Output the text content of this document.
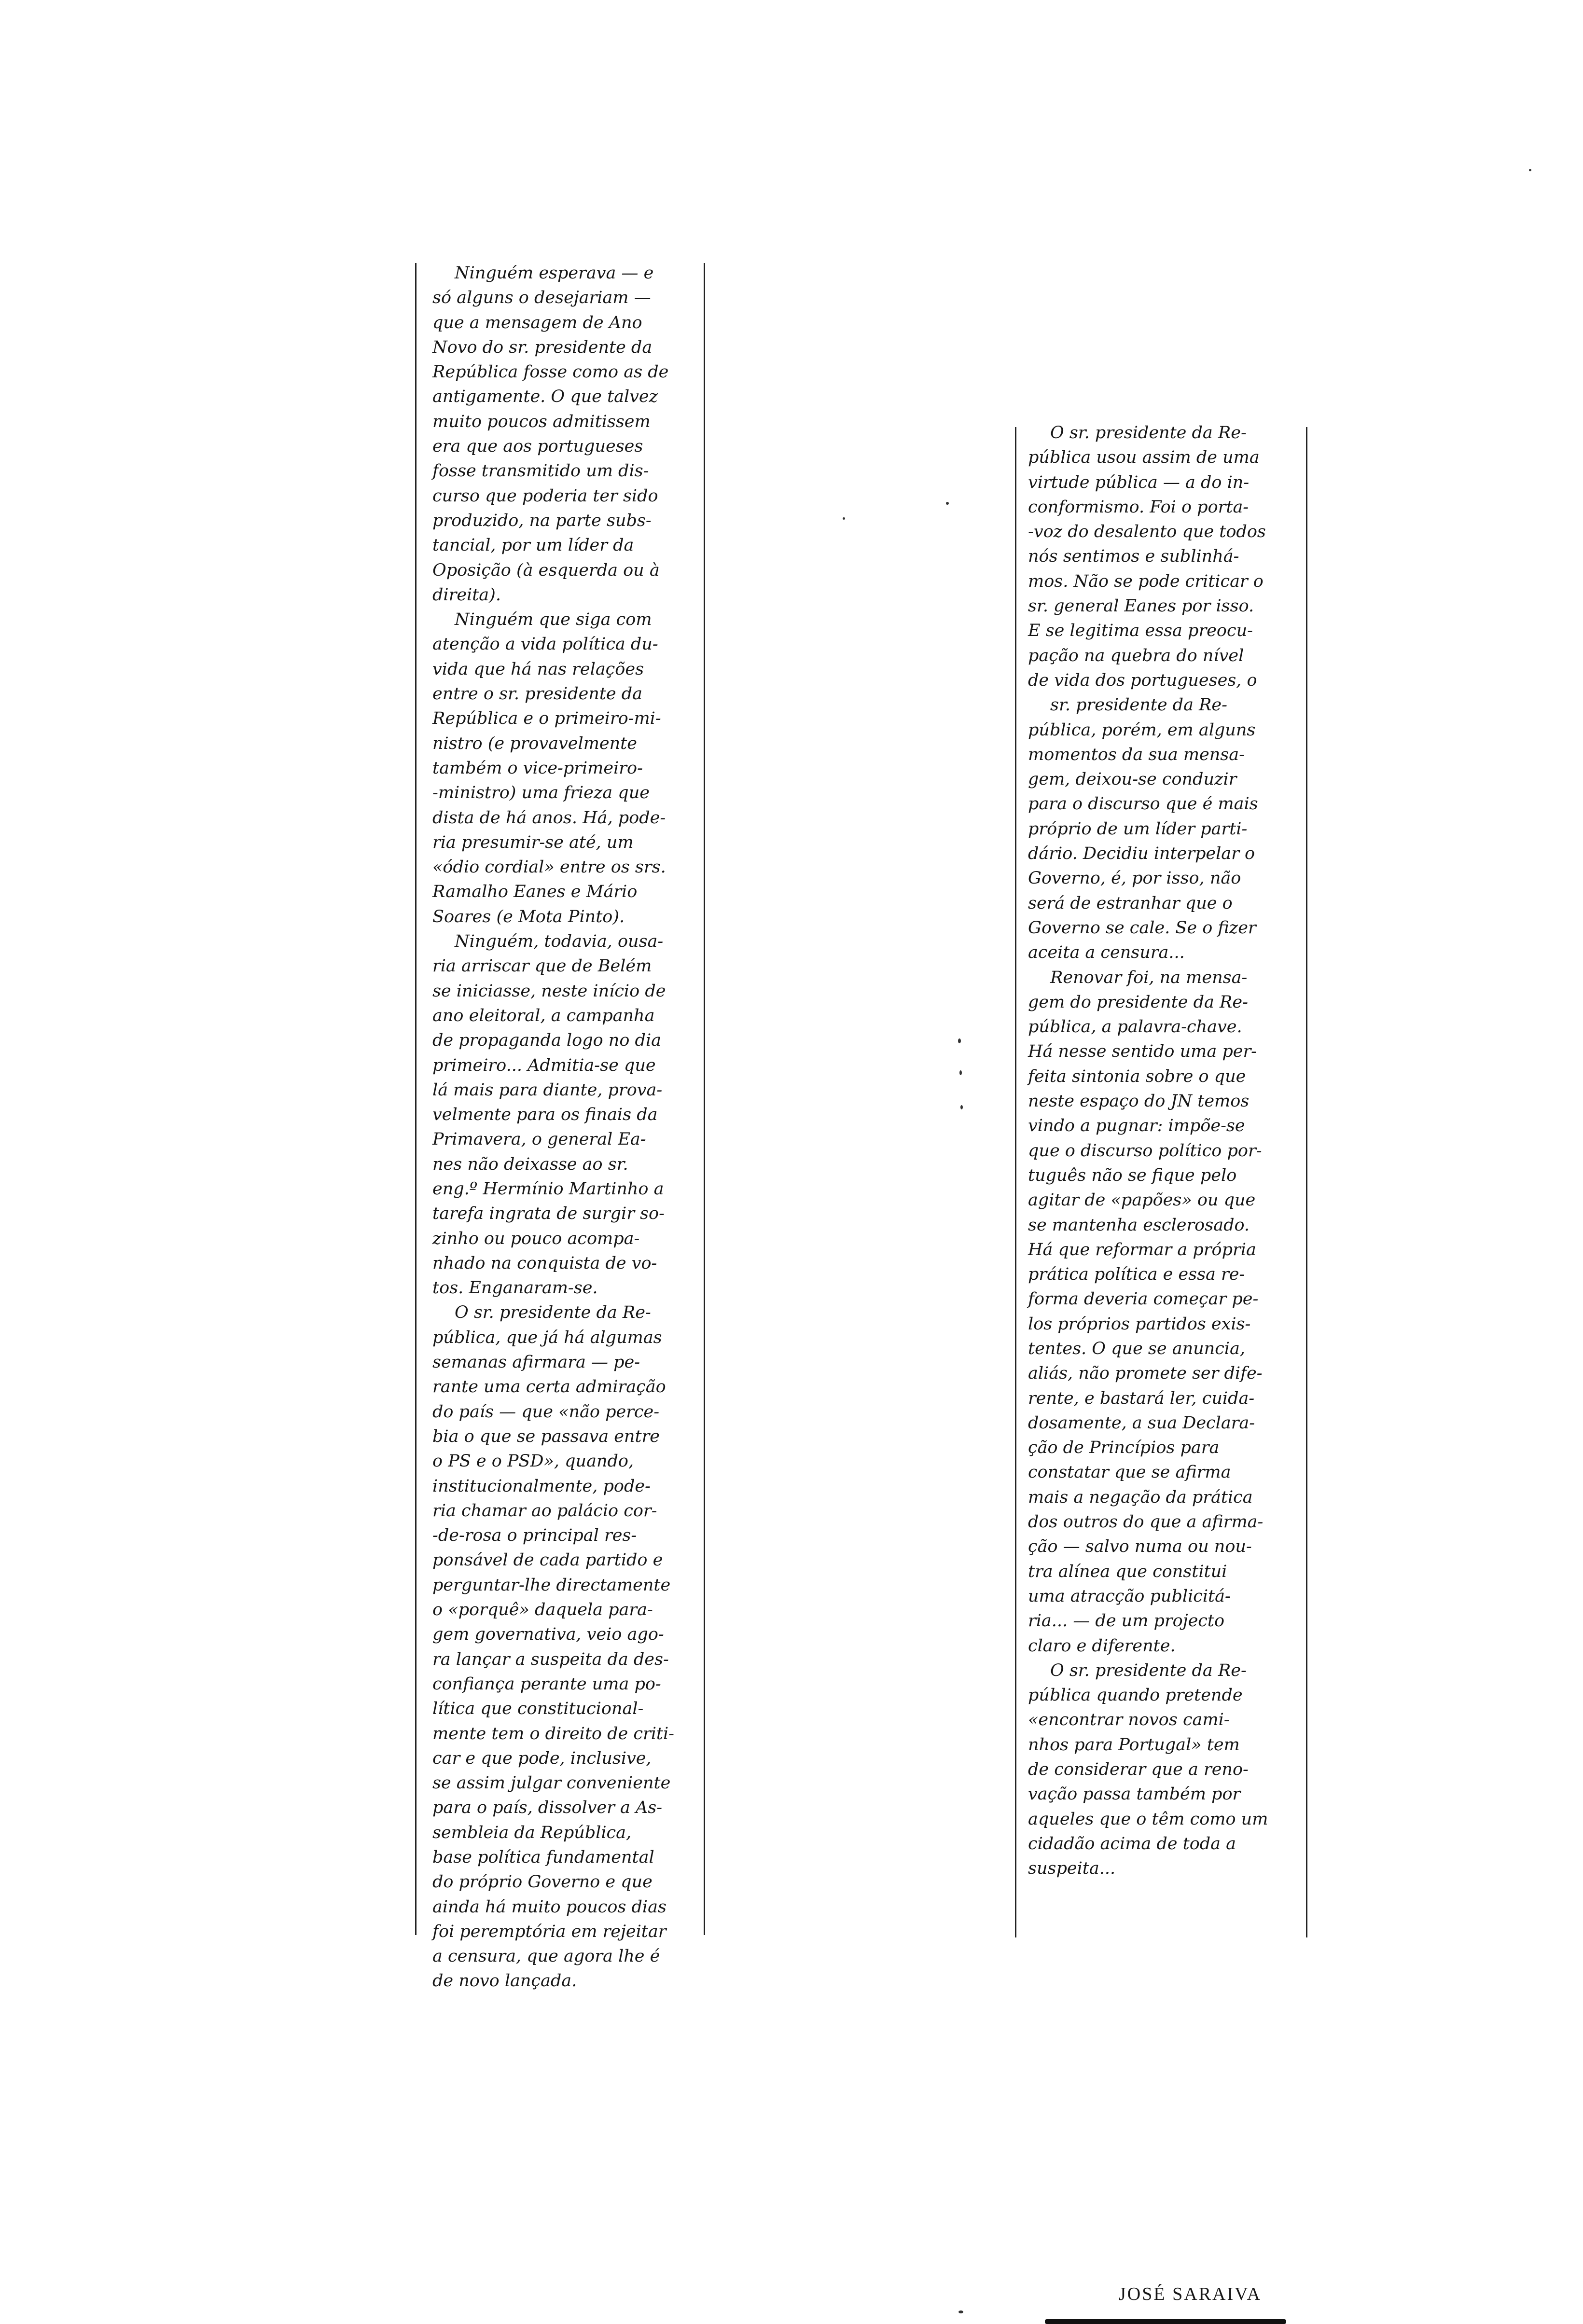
Ninguém esperava — e
só alguns o desejariam —
que a mensagem de Ano
Novo do sr. presidente da
República fosse como as de
antigamente. O que talvez
muito poucos admitissem
era que aos portugueses
fosse transmitido um dis-
curso que poderia ter sido
produzido, na parte subs-
tancial, por um líder da
Oposição (à esquerda ou à
direita).
Ninguém que siga com
atenção a vida política du-
vida que há nas relações
entre o sr. presidente da
República e o primeiro-mi-
nistro (e provavelmente
também o vice-primeiro-
-ministro) uma frieza que
dista de há anos. Há, pode-
ria presumir-se até, um
«ódio cordial» entre os srs.
Ramalho Eanes e Mário
Soares (e Mota Pinto).
Ninguém, todavia, ousa-
ria arriscar que de Belém
se iniciasse, neste início de
ano eleitoral, a campanha
de propaganda logo no dia
primeiro... Admitia-se que
lá mais para diante, prova-
velmente para os finais da
Primavera, o general Ea-
nes não deixasse ao sr.
eng.º Hermínio Martinho a
tarefa ingrata de surgir so-
zinho ou pouco acompa-
nhado na conquista de vo-
tos. Enganaram-se.
O sr. presidente da Re-
pública, que já há algumas
semanas afirmara — pe-
rante uma certa admiração
do país — que «não perce-
bia o que se passava entre
o PS e o PSD», quando,
institucionalmente, pode-
ria chamar ao palácio cor-
-de-rosa o principal res-
ponsável de cada partido e
perguntar-lhe directamente
o «porquê» daquela para-
gem governativa, veio ago-
ra lançar a suspeita da des-
confiança perante uma po-
lítica que constitucional-
mente tem o direito de criti-
car e que pode, inclusive,
se assim julgar conveniente
para o país, dissolver a As-
sembleia da República,
base política fundamental
do próprio Governo e que
ainda há muito poucos dias
foi peremptória em rejeitar
a censura, que agora lhe é
de novo lançada.
O sr. presidente da Re-
pública usou assim de uma
virtude pública — a do in-
conformismo. Foi o porta-
-voz do desalento que todos
nós sentimos e sublinhá-
mos. Não se pode criticar o
sr. general Eanes por isso.
E se legitima essa preocu-
pação na quebra do nível
de vida dos portugueses, o
sr. presidente da Re-
pública, porém, em alguns
momentos da sua mensa-
gem, deixou-se conduzir
para o discurso que é mais
próprio de um líder parti-
dário. Decidiu interpelar o
Governo, é, por isso, não
será de estranhar que o
Governo se cale. Se o fizer
aceita a censura...
Renovar foi, na mensa-
gem do presidente da Re-
pública, a palavra-chave.
Há nesse sentido uma per-
feita sintonia sobre o que
neste espaço do JN temos
vindo a pugnar: impõe-se
que o discurso político por-
tuguês não se fique pelo
agitar de «papões» ou que
se mantenha esclerosado.
Há que reformar a própria
prática política e essa re-
forma deveria começar pe-
los próprios partidos exis-
tentes. O que se anuncia,
aliás, não promete ser dife-
rente, e bastará ler, cuida-
dosamente, a sua Declara-
ção de Princípios para
constatar que se afirma
mais a negação da prática
dos outros do que a afirma-
ção — salvo numa ou nou-
tra alínea que constitui
uma atracção publicitá-
ria... — de um projecto
claro e diferente.
O sr. presidente da Re-
pública quando pretende
«encontrar novos cami-
nhos para Portugal» tem
de considerar que a reno-
vação passa também por
aqueles que o têm como um
cidadão acima de toda a
suspeita...
JOSÉ SARAIVA
